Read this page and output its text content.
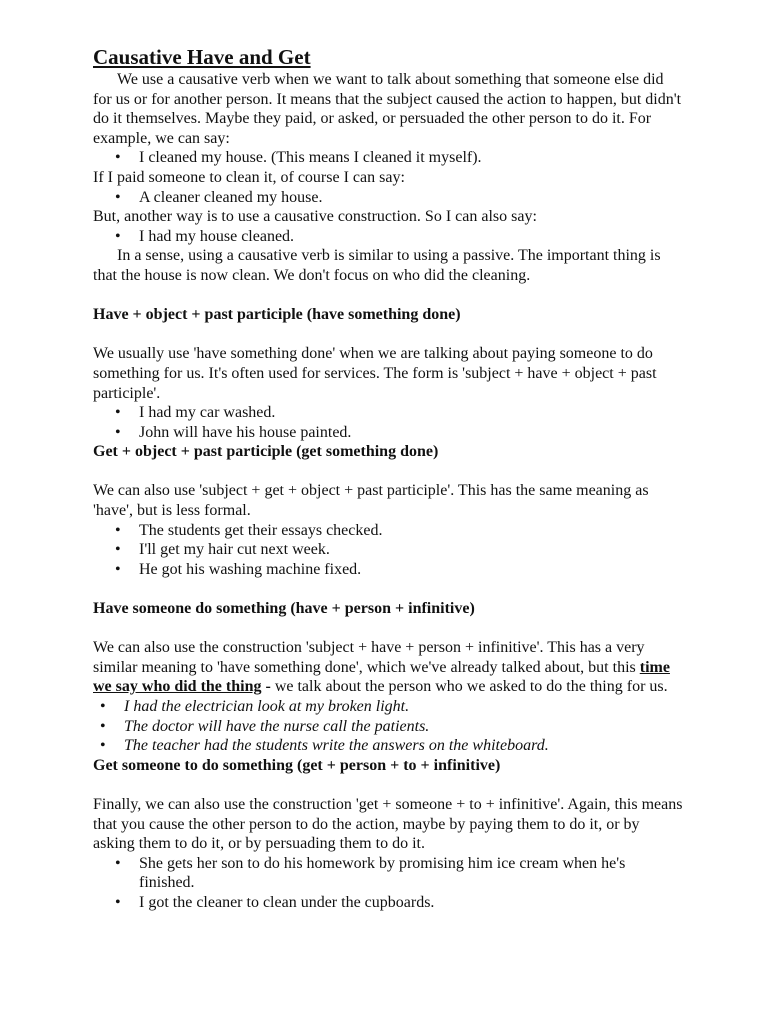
Causative Have and Get

We use a causative verb when we want to talk about something that someone else did for us or for another person. It means that the subject caused the action to happen, but didn't do it themselves. Maybe they paid, or asked, or persuaded the other person to do it. For example, we can say:

• I cleaned my house. (This means I cleaned it myself).

If I paid someone to clean it, of course I can say:

• A cleaner cleaned my house.

But, another way is to use a causative construction. So I can also say:

• I had my house cleaned.

In a sense, using a causative verb is similar to using a passive. The important thing is that the house is now clean. We don't focus on who did the cleaning.

Have + object + past participle (have something done)

We usually use 'have something done' when we are talking about paying someone to do something for us. It's often used for services. The form is 'subject + have + object + past participle'.

• I had my car washed.
• John will have his house painted.

Get + object + past participle (get something done)

We can also use 'subject + get + object + past participle'. This has the same meaning as 'have', but is less formal.

• The students get their essays checked.
• I'll get my hair cut next week.
• He got his washing machine fixed.

Have someone do something (have + person + infinitive)

We can also use the construction 'subject + have + person + infinitive'. This has a very similar meaning to 'have something done', which we've already talked about, but this time we say who did the thing - we talk about the person who we asked to do the thing for us.

• I had the electrician look at my broken light.
• The doctor will have the nurse call the patients.
• The teacher had the students write the answers on the whiteboard.

Get someone to do something (get + person + to + infinitive)

Finally, we can also use the construction 'get + someone + to + infinitive'. Again, this means that you cause the other person to do the action, maybe by paying them to do it, or by asking them to do it, or by persuading them to do it.

• She gets her son to do his homework by promising him ice cream when he's finished.
• I got the cleaner to clean under the cupboards.
